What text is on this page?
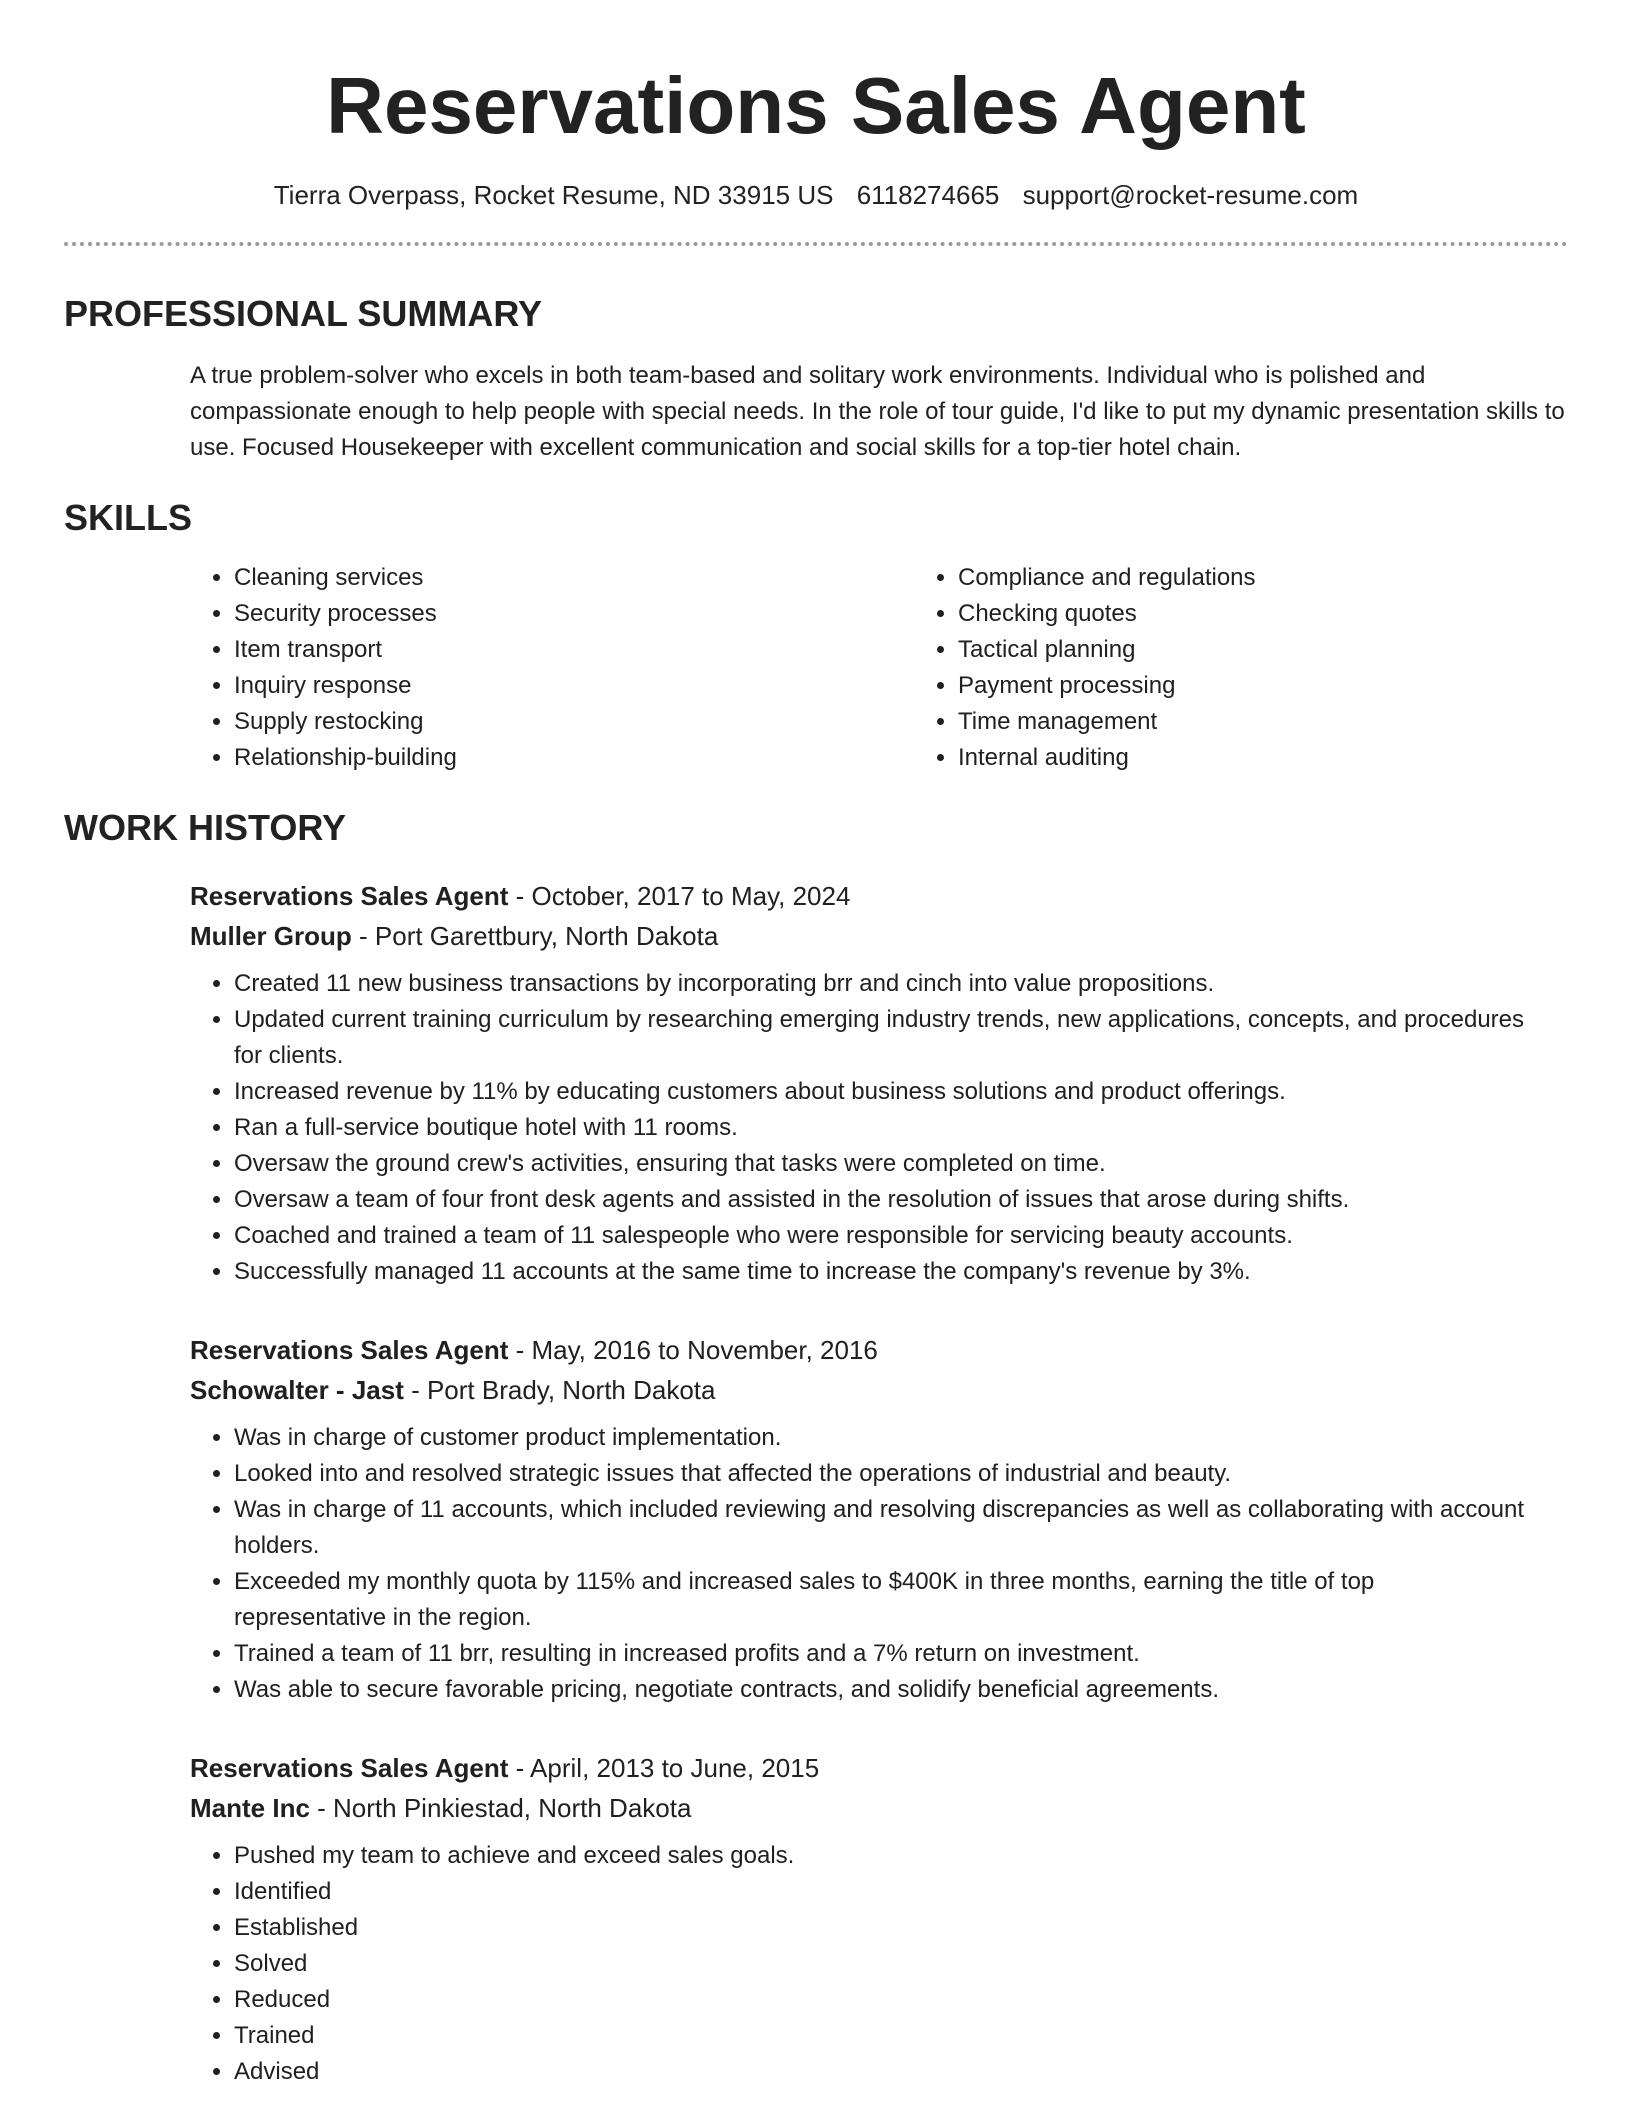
Reservations Sales Agent
Tierra Overpass, Rocket Resume, ND 33915 US 6118274665 support@rocket-resume.com
PROFESSIONAL SUMMARY

A true problem-solver who excels in both team-based and solitary work environments. Individual who is polished and compassionate enough to help people with special needs. In the role of tour guide, I'd like to put my dynamic presentation skills to use. Focused Housekeeper with excellent communication and social skills for a top-tier hotel chain.

SKILLS
• Cleaning services
• Security processes
• Item transport
• Inquiry response
• Supply restocking
• Relationship-building
• Compliance and regulations
• Checking quotes
• Tactical planning
• Payment processing
• Time management
• Internal auditing
WORK HISTORY
Reservations Sales Agent - October, 2017 to May, 2024
Muller Group - Port Garettbury, North Dakota
• Created 11 new business transactions by incorporating brr and cinch into value propositions.
• Updated current training curriculum by researching emerging industry trends, new applications, concepts, and procedures for clients.
• Increased revenue by 11% by educating customers about business solutions and product offerings.
• Ran a full-service boutique hotel with 11 rooms.
• Oversaw the ground crew's activities, ensuring that tasks were completed on time.
• Oversaw a team of four front desk agents and assisted in the resolution of issues that arose during shifts.
• Coached and trained a team of 11 salespeople who were responsible for servicing beauty accounts.
• Successfully managed 11 accounts at the same time to increase the company's revenue by 3%.
Reservations Sales Agent - May, 2016 to November, 2016
Schowalter - Jast - Port Brady, North Dakota
• Was in charge of customer product implementation.
• Looked into and resolved strategic issues that affected the operations of industrial and beauty.
• Was in charge of 11 accounts, which included reviewing and resolving discrepancies as well as collaborating with account holders.
• Exceeded my monthly quota by 115% and increased sales to $400K in three months, earning the title of top representative in the region.
• Trained a team of 11 brr, resulting in increased profits and a 7% return on investment.
• Was able to secure favorable pricing, negotiate contracts, and solidify beneficial agreements.
Reservations Sales Agent - April, 2013 to June, 2015
Mante Inc - North Pinkiestad, North Dakota
• Pushed my team to achieve and exceed sales goals.
• Identified
• Established
• Solved
• Reduced
• Trained
• Advised
